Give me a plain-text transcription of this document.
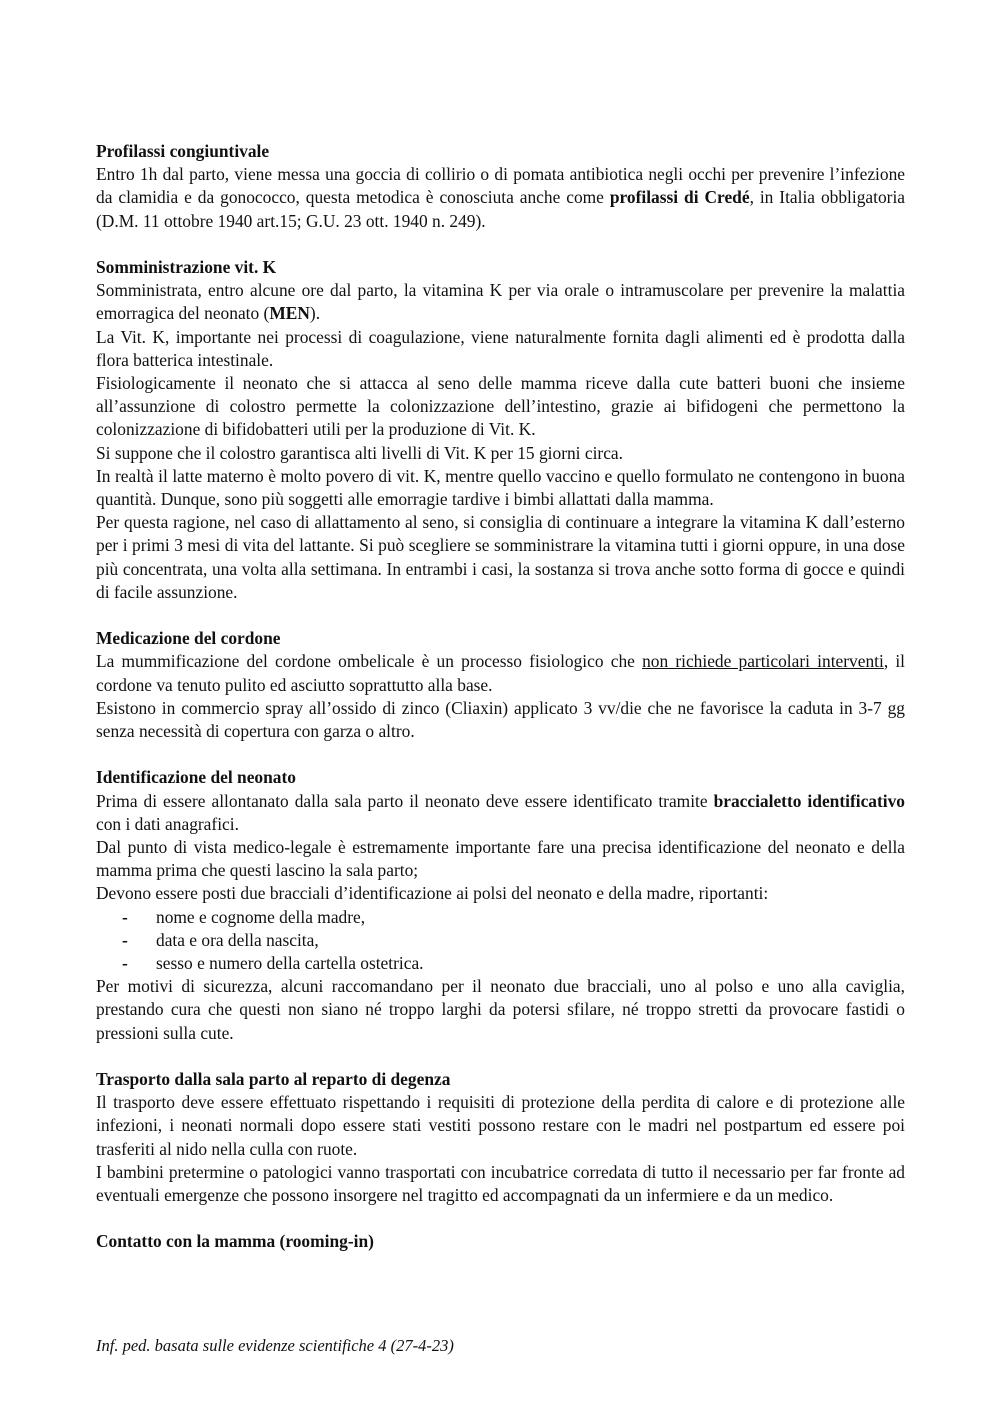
Profilassi congiuntivale

Entro 1h dal parto, viene messa una goccia di collirio o di pomata antibiotica negli occhi per prevenire l’infezione da clamidia e da gonococco, questa metodica è conosciuta anche come profilassi di Credé, in Italia obbligatoria (D.M. 11 ottobre 1940 art.15; G.U. 23 ott. 1940 n. 249).

Somministrazione vit. K

Somministrata, entro alcune ore dal parto, la vitamina K per via orale o intramuscolare per prevenire la malattia emorragica del neonato (MEN).

La Vit. K, importante nei processi di coagulazione, viene naturalmente fornita dagli alimenti ed è prodotta dalla flora batterica intestinale.

Fisiologicamente il neonato che si attacca al seno delle mamma riceve dalla cute batteri buoni che insieme all’assunzione di colostro permette la colonizzazione dell’intestino, grazie ai bifidogeni che permettono la colonizzazione di bifidobatteri utili per la produzione di Vit. K.

Si suppone che il colostro garantisca alti livelli di Vit. K per 15 giorni circa.

In realtà il latte materno è molto povero di vit. K, mentre quello vaccino e quello formulato ne contengono in buona quantità. Dunque, sono più soggetti alle emorragie tardive i bimbi allattati dalla mamma.

Per questa ragione, nel caso di allattamento al seno, si consiglia di continuare a integrare la vitamina K dall’esterno per i primi 3 mesi di vita del lattante. Si può scegliere se somministrare la vitamina tutti i giorni oppure, in una dose più concentrata, una volta alla settimana. In entrambi i casi, la sostanza si trova anche sotto forma di gocce e quindi di facile assunzione.

Medicazione del cordone

La mummificazione del cordone ombelicale è un processo fisiologico che non richiede particolari interventi, il cordone va tenuto pulito ed asciutto soprattutto alla base.

Esistono in commercio spray all’ossido di zinco (Cliaxin) applicato 3 vv/die che ne favorisce la caduta in 3-7 gg senza necessità di copertura con garza o altro.

Identificazione del neonato

Prima di essere allontanato dalla sala parto il neonato deve essere identificato tramite braccialetto identificativo con i dati anagrafici.

Dal punto di vista medico-legale è estremamente importante fare una precisa identificazione del neonato e della mamma prima che questi lascino la sala parto;

Devono essere posti due bracciali d’identificazione ai polsi del neonato e della madre, riportanti:

- nome e cognome della madre,
- data e ora della nascita,
- sesso e numero della cartella ostetrica.

Per motivi di sicurezza, alcuni raccomandano per il neonato due bracciali, uno al polso e uno alla caviglia, prestando cura che questi non siano né troppo larghi da potersi sfilare, né troppo stretti da provocare fastidi o pressioni sulla cute.

Trasporto dalla sala parto al reparto di degenza

Il trasporto deve essere effettuato rispettando i requisiti di protezione della perdita di calore e di protezione alle infezioni, i neonati normali dopo essere stati vestiti possono restare con le madri nel postpartum ed essere poi trasferiti al nido nella culla con ruote.

I bambini pretermine o patologici vanno trasportati con incubatrice corredata di tutto il necessario per far fronte ad eventuali emergenze che possono insorgere nel tragitto ed accompagnati da un infermiere e da un medico.

Contatto con la mamma (rooming-in)
Inf. ped. basata sulle evidenze scientifiche 4 (27-4-23)
